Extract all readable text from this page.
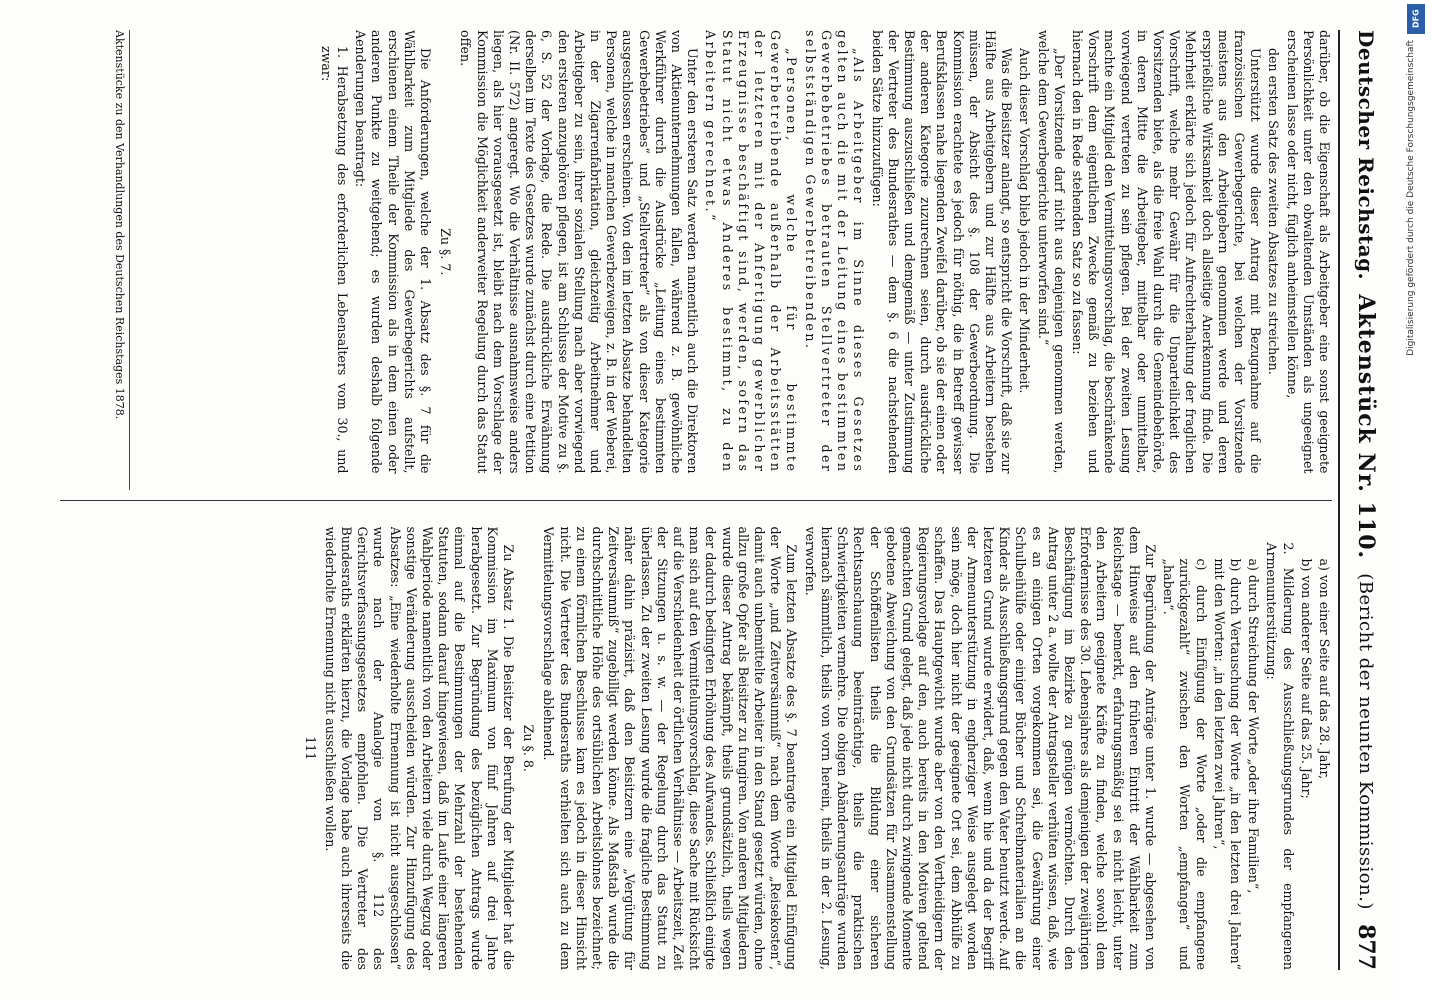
Deutscher Reichstag.
Aktenstück Nr. 110.
(Bericht der neunten Kommission.)
877

darüber, ob die Eigenschaft als Arbeitgeber eine sonst geeignete Persönlichkeit unter den obwaltenden Umständen als ungeeignet erscheinen lasse oder nicht, füglich anheimstellen könne,

den ersten Satz des zweiten Absatzes zu streichen.

Unterstützt wurde dieser Antrag mit Bezugnahme auf die französischen Gewerbegerichte, bei welchen der Vorsitzende meistens aus den Arbeitgebern genommen werde und deren ersprießliche Wirksamkeit doch allseitige Anerkennung finde. Die Mehrheit erklärte sich jedoch für Aufrechterhaltung der fraglichen Vorschrift, welche mehr Gewähr für die Unparteilichkeit des Vorsitzenden biete, als die freie Wahl durch die Gemeindebehörde, in deren Mitte die Arbeitgeber, mittelbar oder unmittelbar, vorwiegend vertreten zu sein pflegen. Bei der zweiten Lesung machte ein Mitglied den Vermittelungsvorschlag, die beschränkende Vorschrift dem eigentlichen Zwecke gemäß zu beziehen und hiernach den in Rede stehenden Satz so zu fassen:

„Der Vorsitzende darf nicht aus denjenigen genommen werden, welche dem Gewerbegerichte unterworfen sind.“

Auch dieser Vorschlag blieb jedoch in der Minderheit.

Was die Beisitzer anlangt, so entspricht die Vorschrift, daß sie zur Hälfte aus Arbeitgebern und zur Hälfte aus Arbeitern bestehen müssen, der Absicht des §. 108 der Gewerbeordnung. Die Kommission erachtete es jedoch für nöthig, die in Betreff gewisser Berufsklassen nahe liegenden Zweifel darüber, ob sie der einen oder der anderen Kategorie zuzurechnen seien, durch ausdrückliche Bestimmung auszuschließen und demgemäß — unter Zustimmung der Vertreter des Bundesrathes — dem §. 6 die nachstehenden beiden Sätze hinzuzufügen:

„Als Arbeitgeber im Sinne dieses Gesetzes gelten auch die mit der Leitung eines bestimmten Gewerbebetriebes betrauten Stellvertreter der selbstständigen Gewerbetreibenden.

„Personen, welche für bestimmte Gewerbetreibende außerhalb der Arbeitsstätten der letzteren mit der Anfertigung gewerblicher Erzeugnisse beschäftigt sind, werden, sofern das Statut nicht etwas Anderes bestimmt, zu den Arbeitern gerechnet.“

Unter den ersteren Satz werden namentlich auch die Direktoren von Aktienunternehmungen fallen, während z. B. gewöhnliche Werkführer durch die Ausdrücke „Leitung eines bestimmten Gewerbebetriebes“ und „Stellvertreter“ als von dieser Kategorie ausgeschlossen erscheinen. Von den im letzten Absatze behandelten Personen, welche in manchen Gewerbezweigen, z. B. in der Weberei, in der Zigarrenfabrikation, gleichzeitig Arbeitnehmer und Arbeitgeber zu sein, ihrer sozialen Stellung nach aber vorwiegend den ersteren anzugehören pflegen, ist am Schlusse der Motive zu §. 6, S. 52 der Vorlage, die Rede. Die ausdrückliche Erwähnung derselben im Texte des Gesetzes wurde zunächst durch eine Petition (Nr. II. 572) angeregt. Wo die Verhältnisse ausnahmsweise anders liegen, als hier vorausgesetzt ist, bleibt nach dem Vorschlage der Kommission die Möglichkeit anderweiter Regelung durch das Statut offen.

Zu §. 7.

Die Anforderungen, welche der 1. Absatz des §. 7 für die Wählbarkeit zum Mitgliede des Gewerbegerichts aufstellt, erschienen einem Theile der Kommission als in dem einen oder anderen Punkte zu weitgehend; es wurden deshalb folgende Aenderungen beantragt:

1. Herabsetzung des erforderlichen Lebensalters vom 30., und zwar:

a) von einer Seite auf das 28. Jahr,

b) von anderer Seite auf das 25. Jahr;

2. Milderung des Ausschließungsgrundes der empfangenen Armenunterstützung:

a) durch Streichung der Worte „oder ihre Familien“,

b) durch Vertauschung der Worte „in den letzten drei Jahren“ mit den Worten: „in den letzten zwei Jahren“,

c) durch Einfügung der Worte „oder die empfangene zurückgezahlt“ zwischen den Worten „empfangen“ und „haben“.

Zur Begründung der Anträge unter 1. wurde — abgesehen von dem Hinweise auf den früheren Eintritt der Wählbarkeit zum Reichstage — bemerkt, erfahrungsmäßig sei es nicht leicht, unter den Arbeitern geeignete Kräfte zu finden, welche sowohl dem Erfordernisse des 30. Lebensjahres als demjenigen der zweijährigen Beschäftigung im Bezirke zu genügen vermöchten. Durch den Antrag unter 2 a. wollte der Antragsteller verhüten wissen, daß, wie es an einigen Orten vorgekommen sei, die Gewährung einer Schulbeihülfe oder einiger Bücher und Schreibmaterialien an die Kinder als Ausschließungsgrund gegen den Vater benutzt werde. Auf letzteren Grund wurde erwidert, daß, wenn hie und da der Begriff der Armenunterstützung in engherziger Weise ausgelegt worden sein möge, doch hier nicht der geeignete Ort sei, dem Abhülfe zu schaffen. Das Hauptgewicht wurde aber von den Vertheidigern der Regierungsvorlage auf den, auch bereits in den Motiven geltend gemachten Grund gelegt, daß jede nicht durch zwingende Momente gebotene Abweichung von den Grundsätzen für Zusammenstellung der Schöffenlisten theils die Bildung einer sicheren Rechtsanschauung beeinträchtige, theils die praktischen Schwierigkeiten vermehre. Die obigen Abänderungsanträge wurden hiernach sämmtlich, theils von vorn herein, theils in der 2. Lesung, verworfen.

Zum letzten Absatze des §. 7 beantragte ein Mitglied Einfügung der Worte „und Zeitversäumniß“ nach dem Worte „Reisekosten“, damit auch unbemittelte Arbeiter in den Stand gesetzt würden, ohne allzu große Opfer als Beisitzer zu fungiren. Von anderen Mitgliedern wurde dieser Antrag bekämpft, theils grundsätzlich, theils wegen der dadurch bedingten Erhöhung des Aufwandes. Schließlich einigte man sich auf den Vermittelungsvorschlag, diese Sache mit Rücksicht auf die Verschiedenheit der örtlichen Verhältnisse — Arbeitszeit, Zeit der Sitzungen u. s. w. — der Regelung durch das Statut zu überlassen. Zu der zweiten Lesung wurde die fragliche Bestimmung näher dahin präzisirt, daß den Beisitzern eine „Vergütung für Zeitversäumniß“ zugebilligt werden könne. Als Maßstab wurde die durchschnittliche Höhe des ortsüblichen Arbeitslohnes bezeichnet; zu einem förmlichen Beschlusse kam es jedoch in dieser Hinsicht nicht. Die Vertreter des Bundesraths verhielten sich auch zu dem Vermittelungsvorschlage ablehnend.

Zu §. 8.

Zu Absatz 1. Die Beisitzer der Berufung der Mitglieder hat die Kommission im Maximum von fünf Jahren auf drei Jahre herabgesetzt. Zur Begründung des bezüglichen Antrags wurde einmal auf die Bestimmungen der Mehrzahl der bestehenden Statuten, sodann darauf hingewiesen, daß im Laufe einer längeren Wahlperiode namentlich von den Arbeitern viele durch Wegzug oder sonstige Veränderung ausscheiden würden. Zur Hinzufügung des Absatzes: „Eine wiederholte Ernennung ist nicht ausgeschlossen“ wurde nach der Analogie von §. 112 des Gerichtsverfassungsgesetzes empfohlen. Die Vertreter des Bundesraths erklärten hierzu, die Vorlage habe auch ihrerseits die wiederholte Ernennung nicht ausschließen wollen.

111

Aktenstücke zu den Verhandlungen des Deutschen Reichstages 1878.
DFG
Digitalisierung gefördert durch die Deutsche Forschungsgemeinschaft
